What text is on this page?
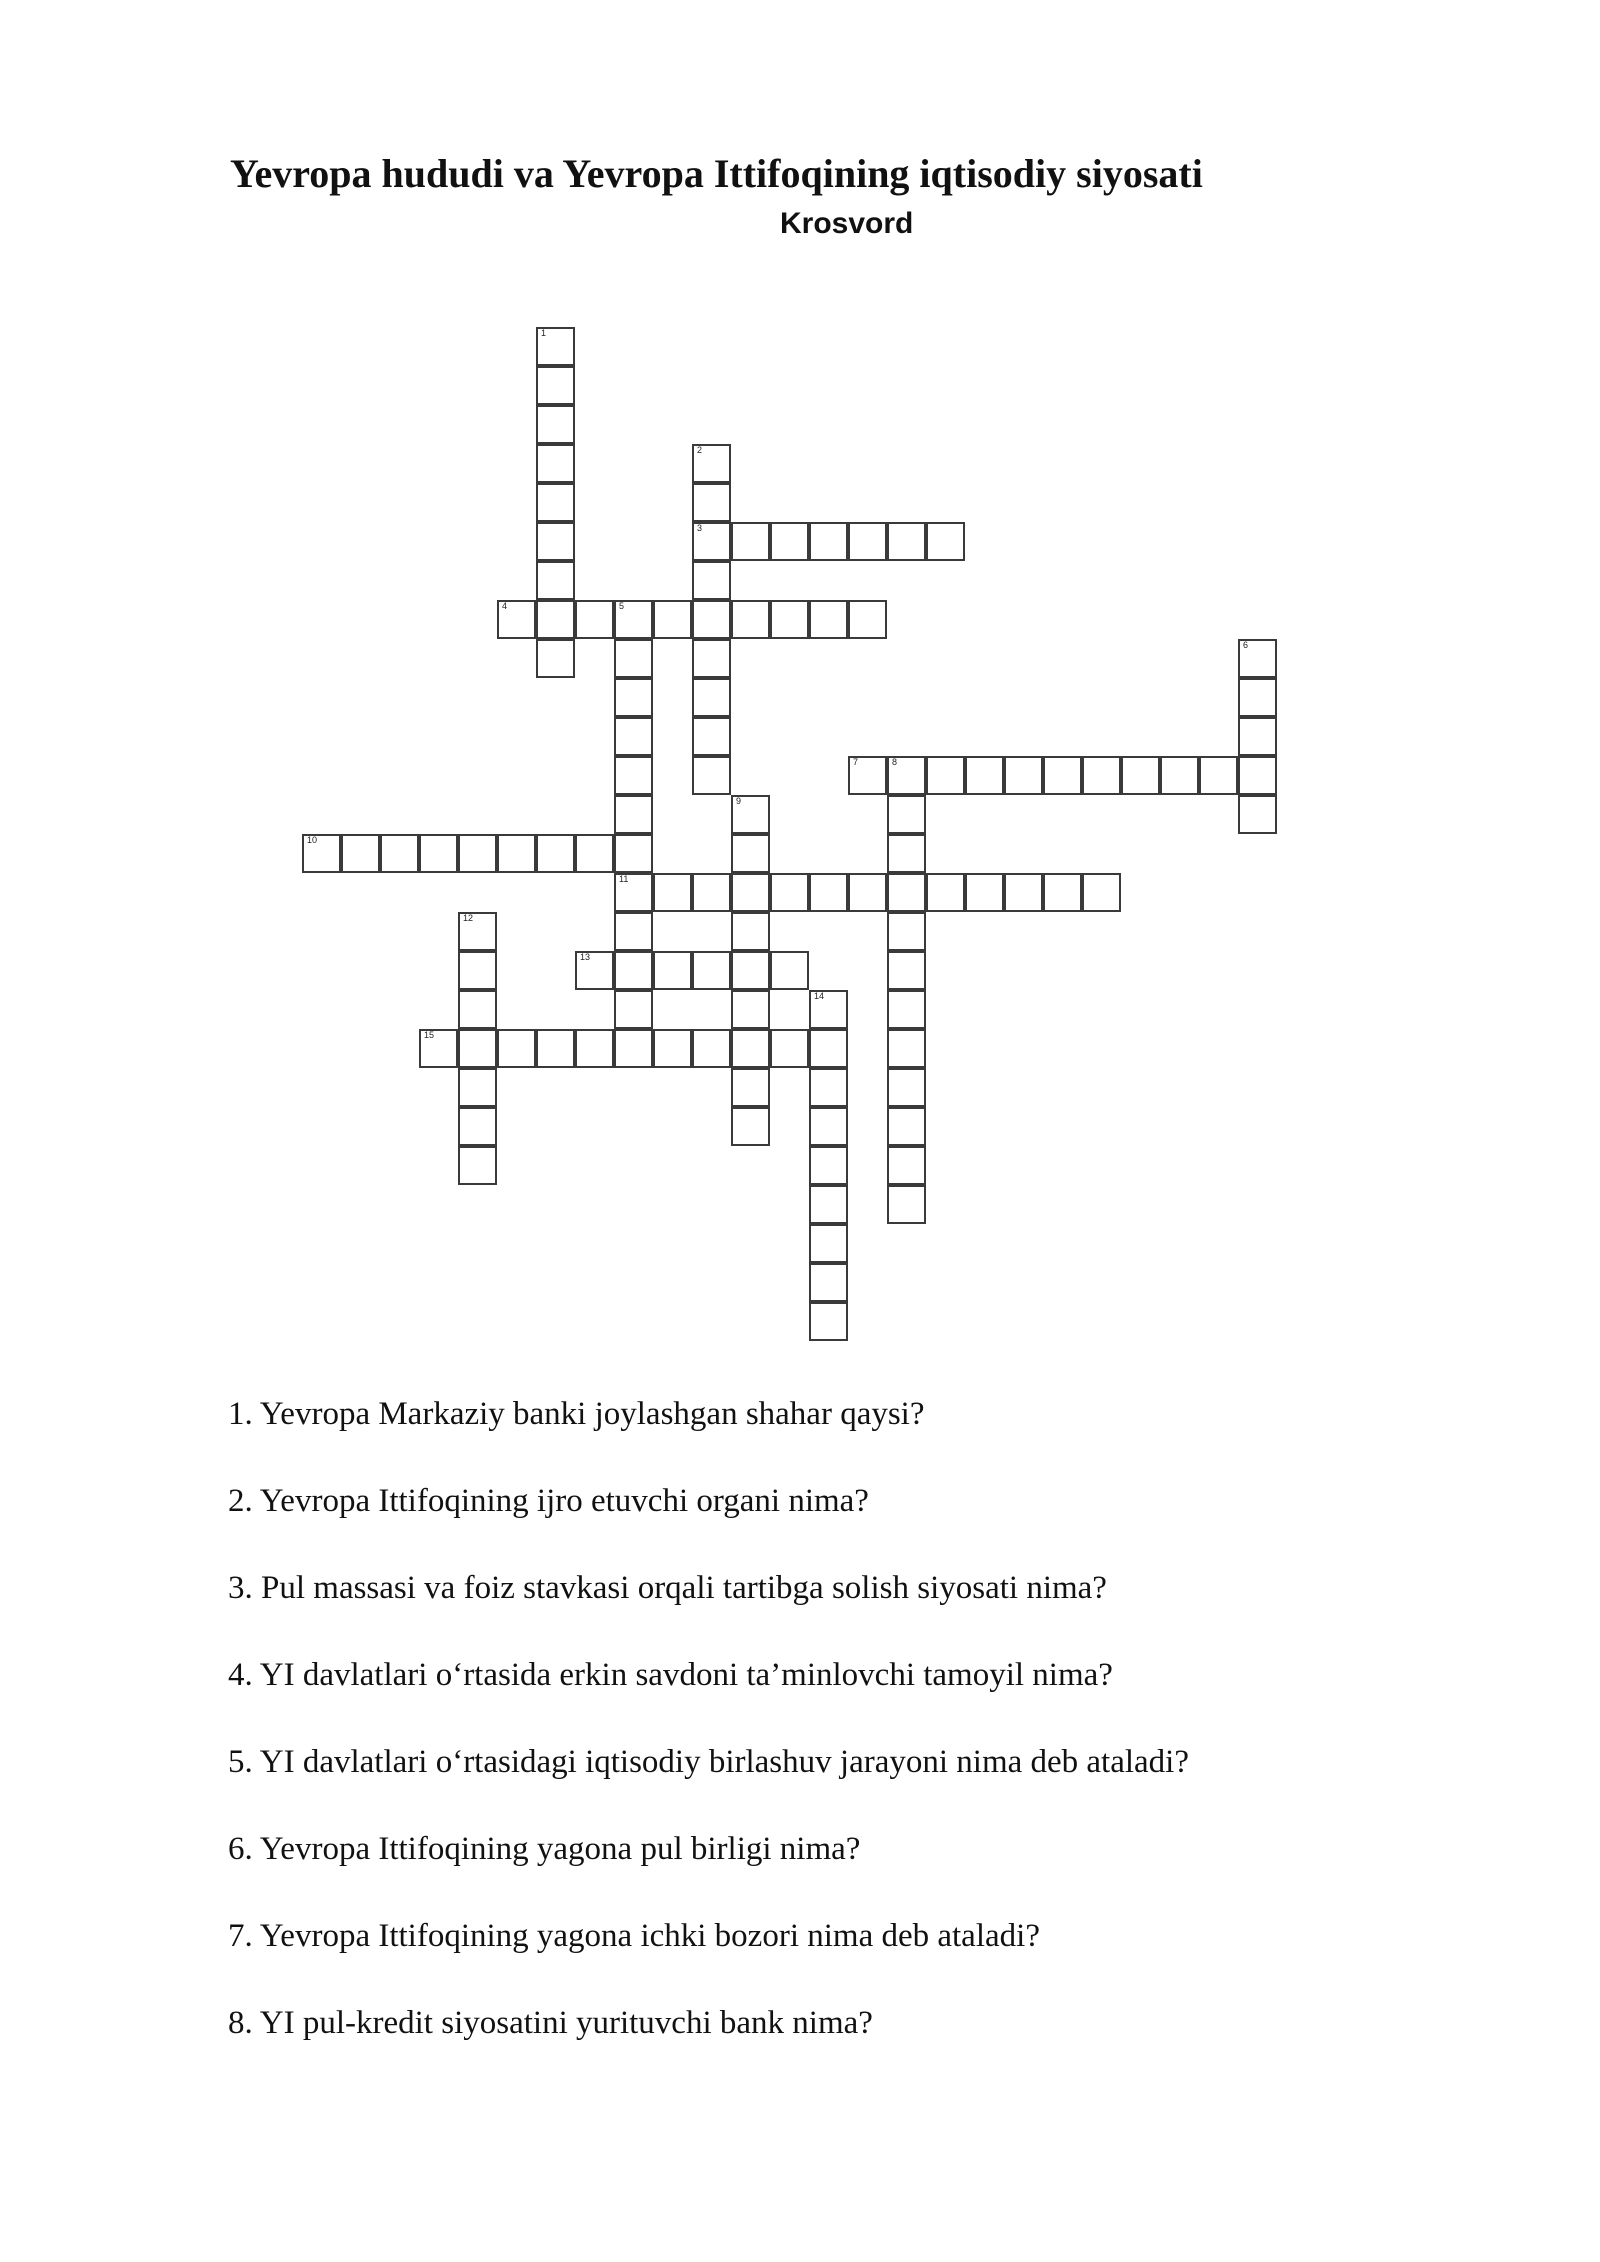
Yevropa hududi va Yevropa Ittifoqining iqtisodiy siyosati
Krosvord
1
2
3
4	5
11
6
7	8
9
10
12
13
14
15
1. Yevropa Markaziy banki joylashgan shahar qaysi?
2. Yevropa Ittifoqining ijro etuvchi organi nima?
3. Pul massasi va foiz stavkasi orqali tartibga solish siyosati nima?
4. YI davlatlari o‘rtasida erkin savdoni ta’minlovchi tamoyil nima?
5. YI davlatlari o‘rtasidagi iqtisodiy birlashuv jarayoni nima deb ataladi?
6. Yevropa Ittifoqining yagona pul birligi nima?
7. Yevropa Ittifoqining yagona ichki bozori nima deb ataladi?
8. YI pul-kredit siyosatini yurituvchi bank nima?
